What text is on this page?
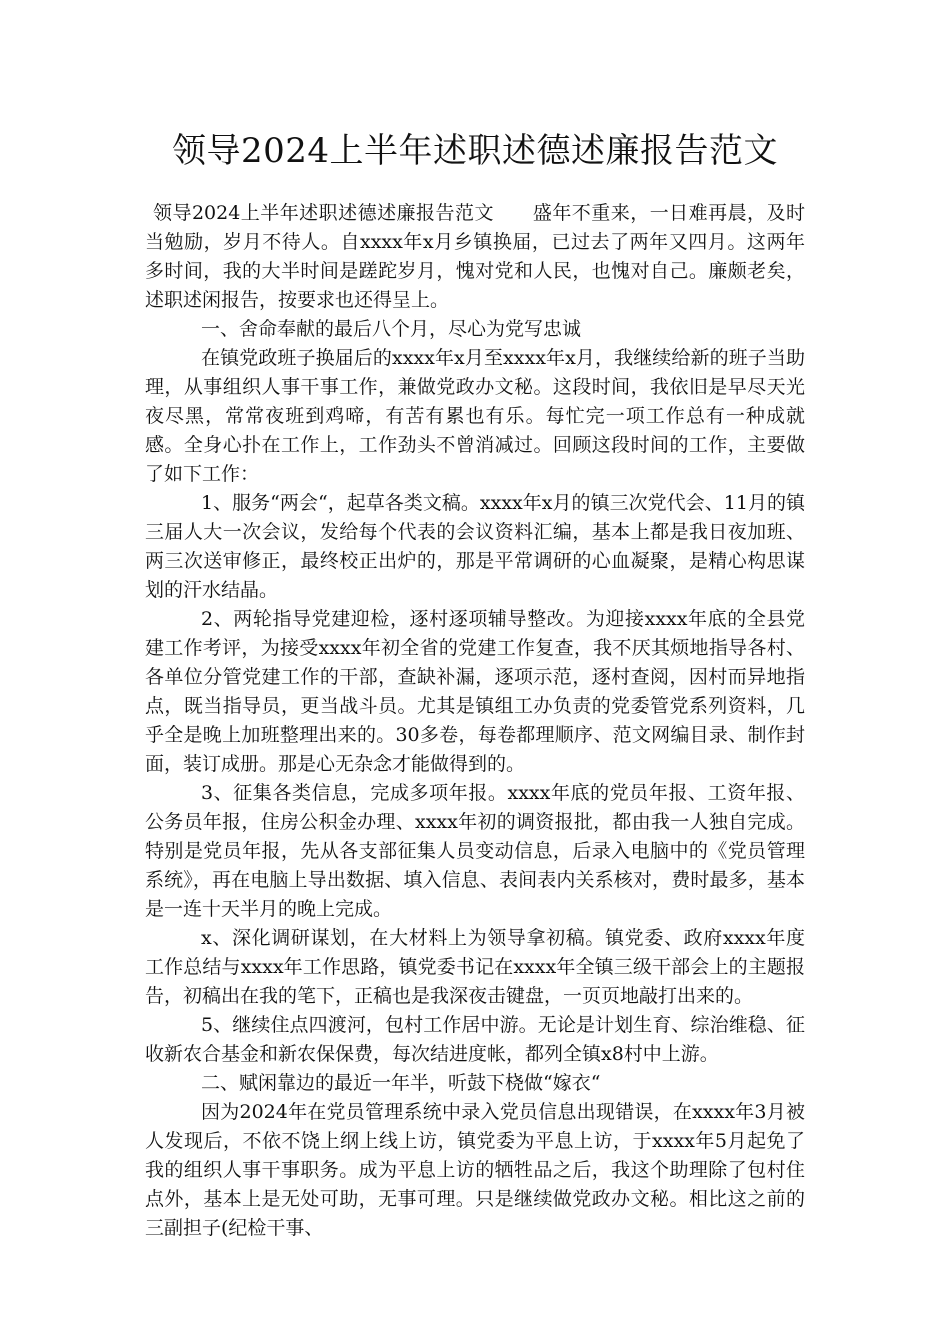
领导2024上半年述职述德述廉报告范文

领导2024上半年述职述德述廉报告范文　　盛年不重来，一日难再晨，及时当勉励，岁月不待人。自xxxx年x月乡镇换届，已过去了两年又四月。这两年多时间，我的大半时间是蹉跎岁月，愧对党和人民，也愧对自己。廉颇老矣，述职述闲报告，按要求也还得呈上。

一、舍命奉献的最后八个月，尽心为党写忠诚

在镇党政班子换届后的xxxx年x月至xxxx年x月，我继续给新的班子当助理，从事组织人事干事工作，兼做党政办文秘。这段时间，我依旧是早尽天光夜尽黑，常常夜班到鸡啼，有苦有累也有乐。每忙完一项工作总有一种成就感。全身心扑在工作上，工作劲头不曾消减过。回顾这段时间的工作，主要做了如下工作：

1、服务“两会“，起草各类文稿。xxxx年x月的镇三次党代会、11月的镇三届人大一次会议，发给每个代表的会议资料汇编，基本上都是我日夜加班、两三次送审修正，最终校正出炉的，那是平常调研的心血凝聚，是精心构思谋划的汗水结晶。

2、两轮指导党建迎检，逐村逐项辅导整改。为迎接xxxx年底的全县党建工作考评，为接受xxxx年初全省的党建工作复查，我不厌其烦地指导各村、各单位分管党建工作的干部，查缺补漏，逐项示范，逐村查阅，因村而异地指点，既当指导员，更当战斗员。尤其是镇组工办负责的党委管党系列资料，几乎全是晚上加班整理出来的。30多卷，每卷都理顺序、范文网编目录、制作封面，装订成册。那是心无杂念才能做得到的。

3、征集各类信息，完成多项年报。xxxx年底的党员年报、工资年报、公务员年报，住房公积金办理、xxxx年初的调资报批，都由我一人独自完成。特别是党员年报，先从各支部征集人员变动信息，后录入电脑中的《党员管理系统》，再在电脑上导出数据、填入信息、表间表内关系核对，费时最多，基本是一连十天半月的晚上完成。

x、深化调研谋划，在大材料上为领导拿初稿。镇党委、政府xxxx年度工作总结与xxxx年工作思路，镇党委书记在xxxx年全镇三级干部会上的主题报告，初稿出在我的笔下，正稿也是我深夜击键盘，一页页地敲打出来的。

5、继续住点四渡河，包村工作居中游。无论是计划生育、综治维稳、征收新农合基金和新农保保费，每次结进度帐，都列全镇x8村中上游。

二、赋闲靠边的最近一年半，听鼓下桡做“嫁衣“

因为2024年在党员管理系统中录入党员信息出现错误，在xxxx年3月被人发现后，不依不饶上纲上线上访，镇党委为平息上访，于xxxx年5月起免了我的组织人事干事职务。成为平息上访的牺牲品之后，我这个助理除了包村住点外，基本上是无处可助，无事可理。只是继续做党政办文秘。相比这之前的三副担子(纪检干事、
